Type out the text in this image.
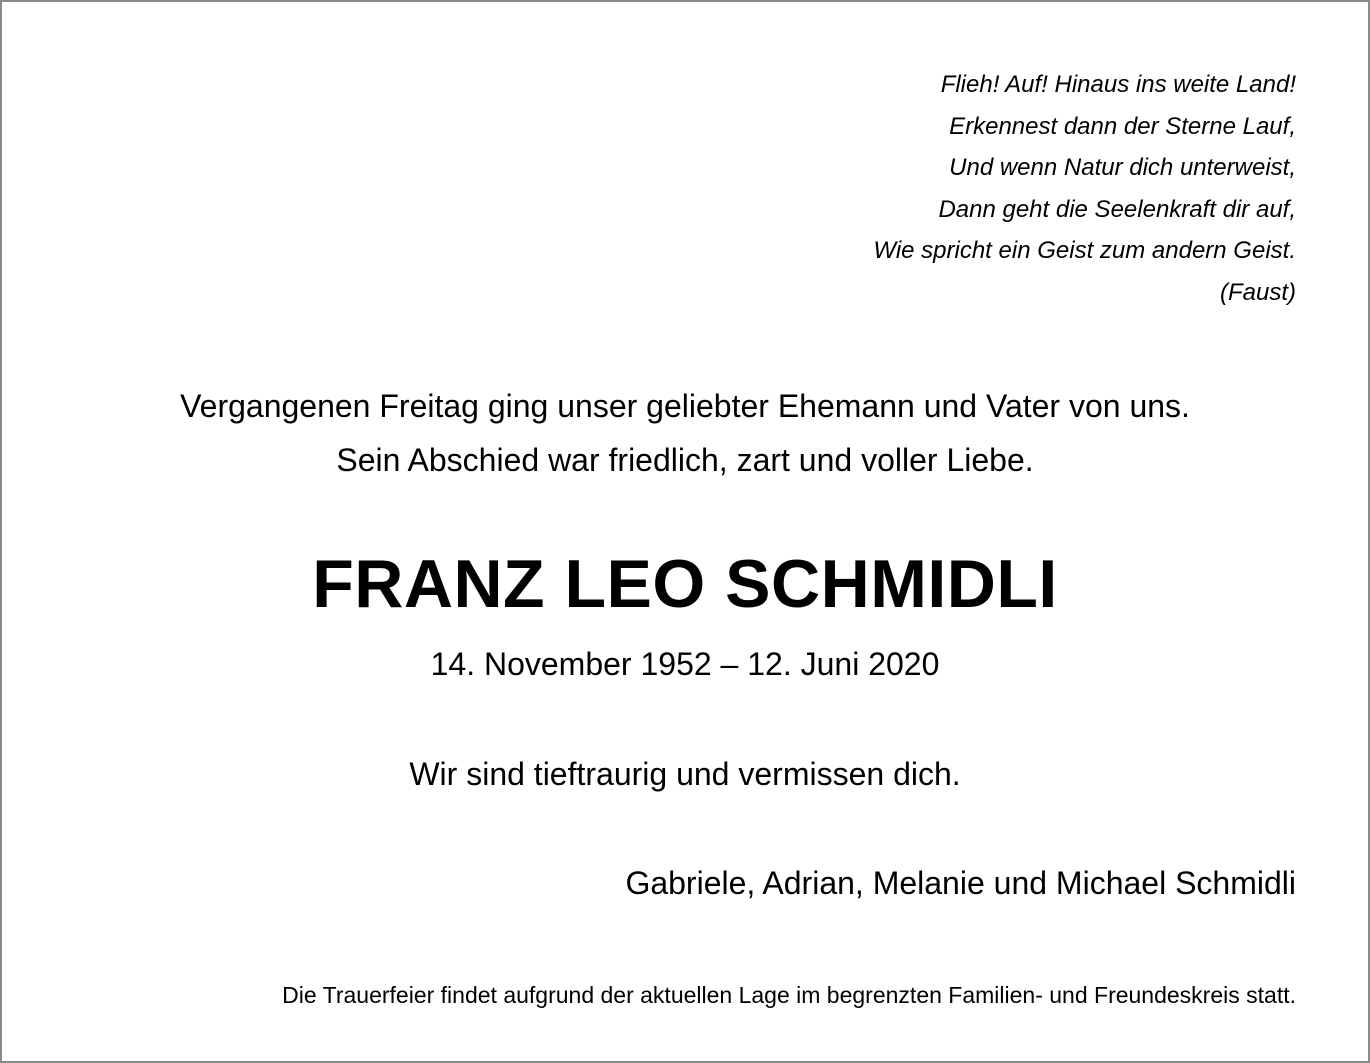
Flieh! Auf! Hinaus ins weite Land!
Erkennest dann der Sterne Lauf,
Und wenn Natur dich unterweist,
Dann geht die Seelenkraft dir auf,
Wie spricht ein Geist zum andern Geist.
(Faust)
Vergangenen Freitag ging unser geliebter Ehemann und Vater von uns.
Sein Abschied war friedlich, zart und voller Liebe.
FRANZ LEO SCHMIDLI
14. November 1952 – 12. Juni 2020
Wir sind tieftraurig und vermissen dich.
Gabriele, Adrian, Melanie und Michael Schmidli
Die Trauerfeier findet aufgrund der aktuellen Lage im begrenzten Familien- und Freundeskreis statt.
